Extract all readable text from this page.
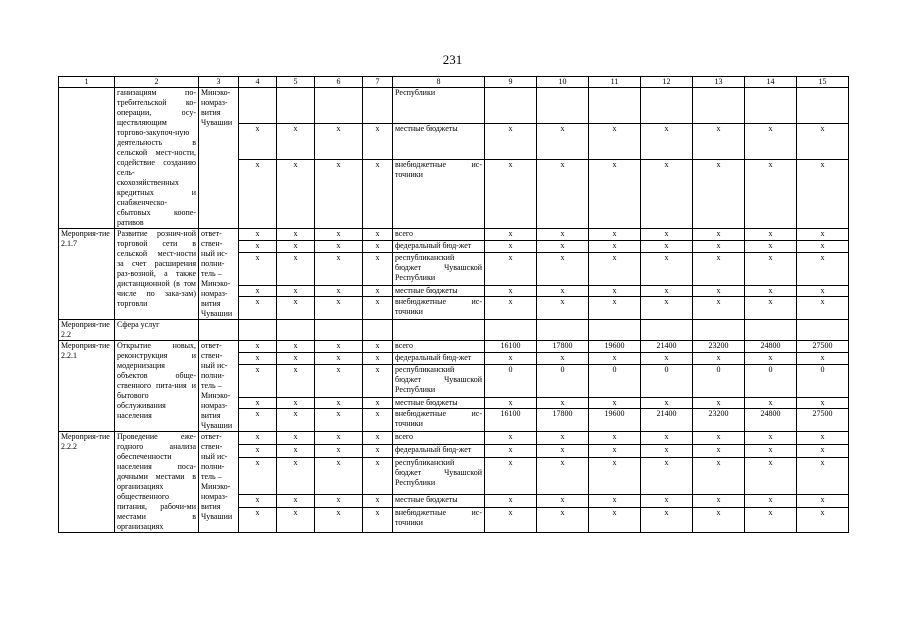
231
1	2	3	4	5	6	7	8	9	10	11	12	13	14	15
	ганизациям по-требительской ко-операции, осу-ществляющим торгово-закупоч-ную деятельность в сельской мест-ности, содействие созданию сель-скохозяйственных кредитных и снабженческо-сбытовых коопе-ративов	Минэко-номраз-вития Чувашии					Республики							
			x	x	x	x	местные бюджеты	x	x	x	x	x	x	x
			x	x	x	x	внебюджетные ис-точники	x	x	x	x	x	x	x
Мероприя-тие 2.1.7	Развитие рознич-ной торговой сети в сельской мест-ности за счет расширения раз-возной, а также дистанционной (в том числе по зака-зам) торговли	ответ-ствен-ный ис-полни-тель – Минэко-номраз-вития Чувашии	x	x	x	x	всего	x	x	x	x	x	x	x
			x	x	x	x	федеральный бюд-жет	x	x	x	x	x	x	x
			x	x	x	x	республиканский бюджет Чувашской Республики	x	x	x	x	x	x	x
			x	x	x	x	местные бюджеты	x	x	x	x	x	x	x
			x	x	x	x	внебюджетные ис-точники	x	x	x	x	x	x	x
Мероприя-тие 2.2	Сфера услуг													
Мероприя-тие 2.2.1	Открытие новых, реконструкция и модернизация объектов обще-ственного пита-ния и бытового обслуживания населения	ответ-ствен-ный ис-полни-тель – Минэко-номраз-вития Чувашии	x	x	x	x	всего	16100	17800	19600	21400	23200	24800	27500
			x	x	x	x	федеральный бюд-жет	x	x	x	x	x	x	x
			x	x	x	x	республиканский бюджет Чувашской Республики	0	0	0	0	0	0	0
			x	x	x	x	местные бюджеты	x	x	x	x	x	x	x
			x	x	x	x	внебюджетные ис-точники	16100	17800	19600	21400	23200	24800	27500
Мероприя-тие 2.2.2	Проведение еже-годного анализа обеспеченности населения поса-дочными местами в организациях общественного питания, рабочи-ми местами в организациях	ответ-ствен-ный ис-полни-тель – Минэко-номраз-вития Чувашии	x	x	x	x	всего	x	x	x	x	x	x	x
			x	x	x	x	федеральный бюд-жет	x	x	x	x	x	x	x
			x	x	x	x	республиканский бюджет Чувашской Республики	x	x	x	x	x	x	x
			x	x	x	x	местные бюджеты	x	x	x	x	x	x	x
			x	x	x	x	внебюджетные ис-точники	x	x	x	x	x	x	x
